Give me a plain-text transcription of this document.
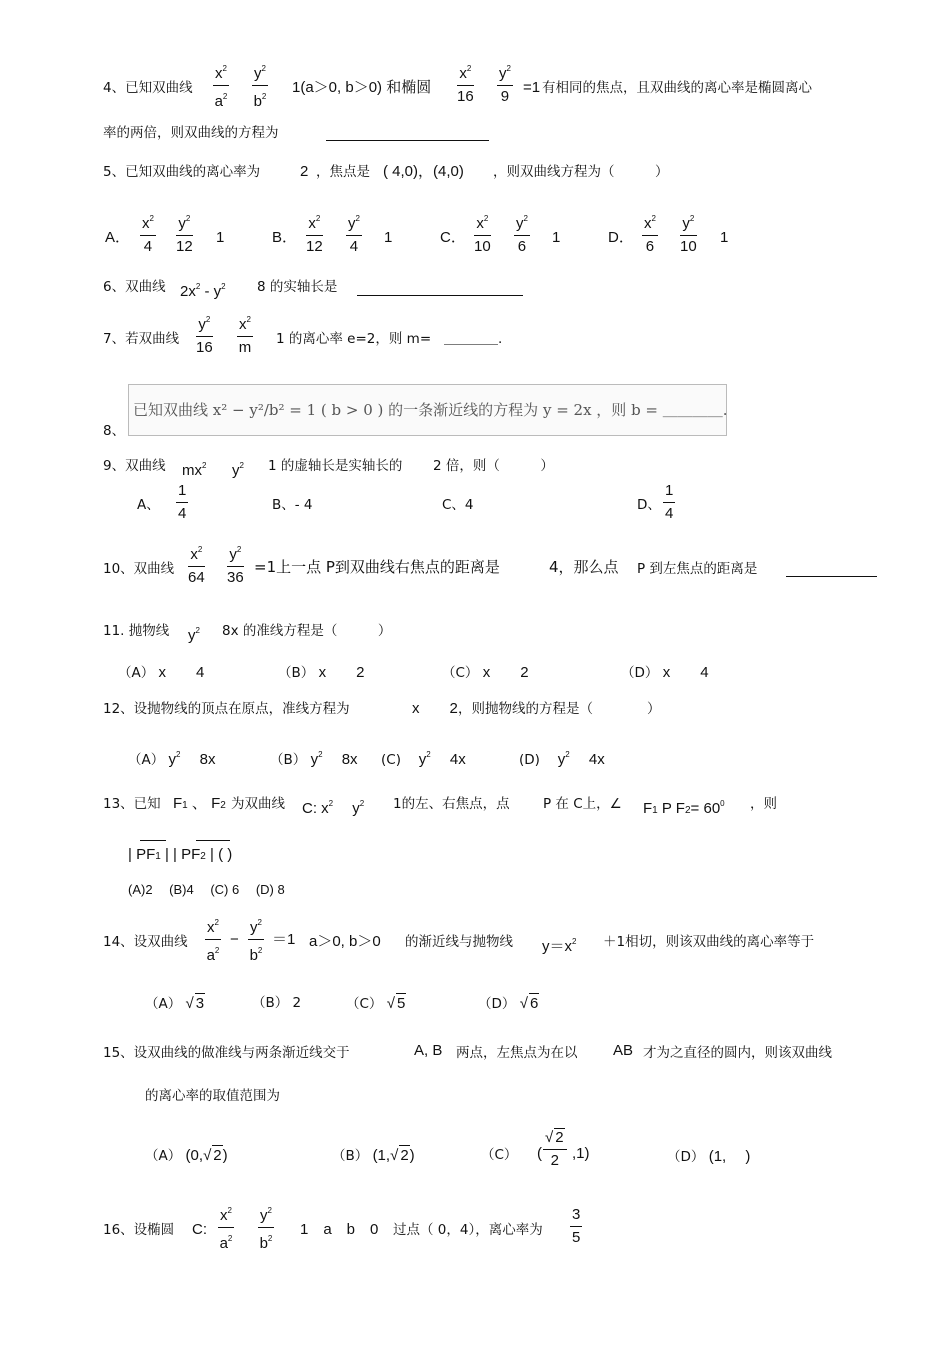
4、已知双曲线 $\frac{x^2}{a^2} \frac{y^2}{b^2} 1(a>0$, b＞0) 和椭圆 $\frac{x^2}{16} \frac{y^2}{9} =1$ 有相同的焦点，且双曲线的离心率是椭圆离心
率的两倍，则双曲线的方程为
5、已知双曲线的离心率为	2 ，焦点是 ( 4,0)，(4,0) ，则双曲线方程为（　　　）
A． $\frac{x^2}{4} \frac{y^2}{12} 1$	B． $\frac{x^2}{12} \frac{y^2}{4} 1$	C． $\frac{x^2}{10} \frac{y^2}{6} 1$	D． $\frac{x^2}{6} \frac{y^2}{10} 1$
6、双曲线 $2x^2 - y^2$ 8 的实轴长是
7、若双曲线 $\frac{y^2}{16} \frac{x^2}{m} 1$ 的离心率 e=2，则 m= ＿＿＿＿.
8、
已知双曲线 x² − y²/b² = 1 ( b > 0 ) 的一条渐近线的方程为 y = 2x ，则 b = ＿＿＿＿.
9、双曲线 $mx^2$ $y^2$ 1 的虚轴长是实轴长的 2 倍，则（　　　）
A、 $\frac{1}{4}$	B、- 4	C、4	D、 $\frac{1}{4}$
10、双曲线 $\frac{x^2}{64} \frac{y^2}{36} =1$上一点 P到双曲线右焦点的距离是	4，那么点 P 到左焦点的距离是
11. 抛物线 $y^2$ 8x 的准线方程是（　　　）
（A） x　　4	（B） x　　2	（C） x　　2	（D） x　　4
12、设抛物线的顶点在原点，准线方程为	x　　2 ，则抛物线的方程是（　　　　）
（A） $y^2$　 8x	（B） $y^2$　 8x (C)　 $y^2$　 4x	(D)　 $y^2$　 4x
13、已知 F1 、 F2 为双曲线 C: $x^2$　 $y^2$ 1的左、右焦点，点 P 在 C上，∠ F1 P $F2= 60^0$ ，则
| PF1 | | PF2 | ( )
(A)2　 (B)4　 (C) 6　 (D) 8
14、设双曲线 $\frac{x^2}{a^2} - \frac{y^2}{b^2} =1$ a＞0, b＞0 的渐近线与抛物线 $y=x^2 +1$相切，则该双曲线的离心率等于
（A） √ 3	（B） 2	（C） √ 5	（D） √ 6
15、设双曲线的做准线与两条渐近线交于	A, B 两点，左焦点为在以 AB 才为之直径的圆内，则该双曲线
的离心率的取值范围为
（A） (0,√ 2)	（B） (1,√ 2)	（C） ( $\frac{√ 2}{2} ,1$)	（D） (1,　 )
16、设椭圆 C: $\frac{x^2}{a^2} \frac{y^2}{b^2} 1$　a　b　0 过点（ 0，4），离心率为 $\frac{3}{5}$
